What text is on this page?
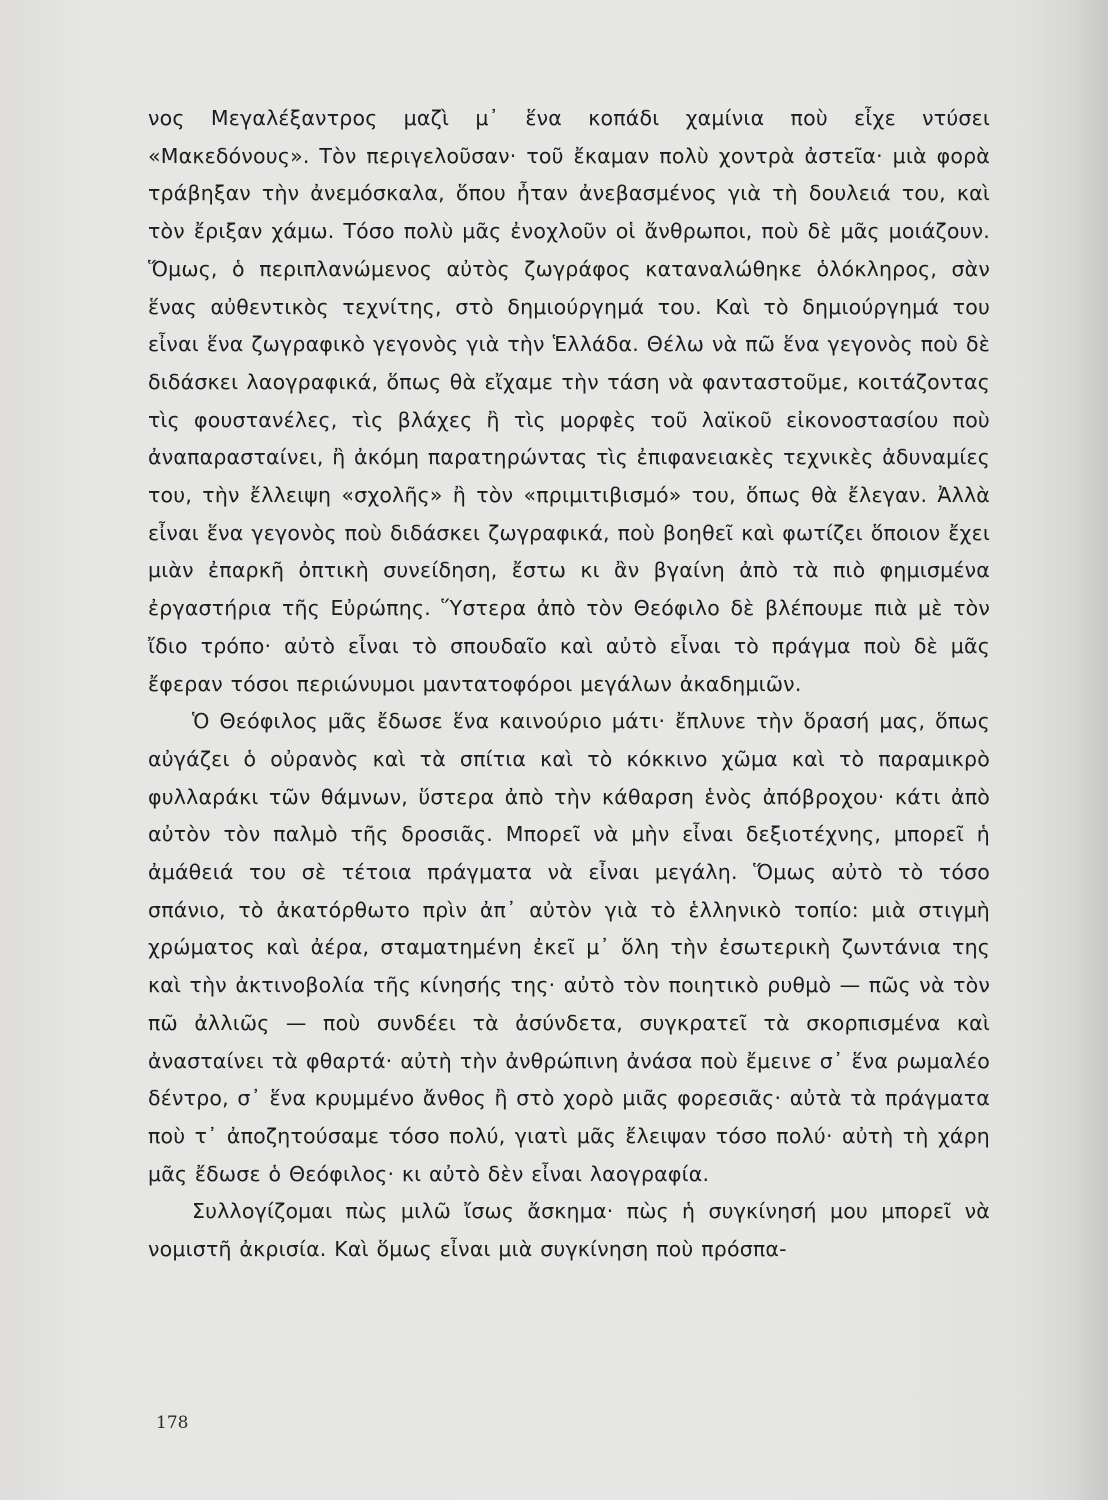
νος Μεγαλέξαντρος μαζὶ μ᾽ ἕνα κοπάδι χαμίνια ποὺ εἶχε ντύσει «Μακεδόνους». Τὸν περιγελοῦσαν· τοῦ ἔκαμαν πολὺ χοντρὰ ἀστεῖα· μιὰ φορὰ τράβηξαν τὴν ἀνεμόσκαλα, ὅπου ἦταν ἀνεβασμένος γιὰ τὴ δουλειά του, καὶ τὸν ἔριξαν χάμω. Τόσο πολὺ μᾶς ἐνοχλοῦν οἱ ἄνθρωποι, ποὺ δὲ μᾶς μοιάζουν. Ὅμως, ὁ περιπλανώμενος αὐτὸς ζωγράφος καταναλώθηκε ὁλόκληρος, σὰν ἕνας αὐθεντικὸς τεχνίτης, στὸ δημιούργημά του. Καὶ τὸ δημιούργημά του εἶναι ἕνα ζωγραφικὸ γεγονὸς γιὰ τὴν Ἑλλάδα. Θέλω νὰ πῶ ἕνα γεγονὸς ποὺ δὲ διδάσκει λαογραφικά, ὅπως θὰ εἴχαμε τὴν τάση νὰ φανταστοῦμε, κοιτάζοντας τὶς φουστανέλες, τὶς βλάχες ἢ τὶς μορφὲς τοῦ λαϊκοῦ εἰκονοστασίου ποὺ ἀναπαρασταίνει, ἢ ἀκόμη παρατηρώντας τὶς ἐπιφανειακὲς τεχνικὲς ἀδυναμίες του, τὴν ἔλλειψη «σχολῆς» ἢ τὸν «πριμιτιβισμό» του, ὅπως θὰ ἔλεγαν. Ἀλλὰ εἶναι ἕνα γεγονὸς ποὺ διδάσκει ζωγραφικά, ποὺ βοηθεῖ καὶ φωτίζει ὅποιον ἔχει μιὰν ἐπαρκῆ ὀπτικὴ συνείδηση, ἔστω κι ἂν βγαίνη ἀπὸ τὰ πιὸ φημισμένα ἐργαστήρια τῆς Εὐρώπης. Ὕστερα ἀπὸ τὸν Θεόφιλο δὲ βλέπουμε πιὰ μὲ τὸν ἴδιο τρόπο· αὐτὸ εἶναι τὸ σπουδαῖο καὶ αὐτὸ εἶναι τὸ πράγμα ποὺ δὲ μᾶς ἔφεραν τόσοι περιώνυμοι μαντατοφόροι μεγάλων ἀκαδημιῶν.

Ὁ Θεόφιλος μᾶς ἔδωσε ἕνα καινούριο μάτι· ἔπλυνε τὴν ὅρασή μας, ὅπως αὐγάζει ὁ οὐρανὸς καὶ τὰ σπίτια καὶ τὸ κόκκινο χῶμα καὶ τὸ παραμικρὸ φυλλαράκι τῶν θάμνων, ὕστερα ἀπὸ τὴν κάθαρση ἑνὸς ἀπόβροχου· κάτι ἀπὸ αὐτὸν τὸν παλμὸ τῆς δροσιᾶς. Μπορεῖ νὰ μὴν εἶναι δεξιοτέχνης, μπορεῖ ἡ ἀμάθειά του σὲ τέτοια πράγματα νὰ εἶναι μεγάλη. Ὅμως αὐτὸ τὸ τόσο σπάνιο, τὸ ἀκατόρθωτο πρὶν ἀπ᾽ αὐτὸν γιὰ τὸ ἑλληνικὸ τοπίο: μιὰ στιγμὴ χρώματος καὶ ἀέρα, σταματημένη ἐκεῖ μ᾽ ὅλη τὴν ἐσωτερικὴ ζωντάνια της καὶ τὴν ἀκτινοβολία τῆς κίνησής της· αὐτὸ τὸν ποιητικὸ ρυθμὸ — πῶς νὰ τὸν πῶ ἀλλιῶς — ποὺ συνδέει τὰ ἀσύνδετα, συγκρατεῖ τὰ σκορπισμένα καὶ ἀνασταίνει τὰ φθαρτά· αὐτὴ τὴν ἀνθρώπινη ἀνάσα ποὺ ἔμεινε σ᾽ ἕνα ρωμαλέο δέντρο, σ᾽ ἕνα κρυμμένο ἄνθος ἢ στὸ χορὸ μιᾶς φορεσιᾶς· αὐτὰ τὰ πράγματα ποὺ τ᾽ ἀποζητούσαμε τόσο πολύ, γιατὶ μᾶς ἔλειψαν τόσο πολύ· αὐτὴ τὴ χάρη μᾶς ἔδωσε ὁ Θεόφιλος· κι αὐτὸ δὲν εἶναι λαογραφία.

Συλλογίζομαι πὼς μιλῶ ἴσως ἄσκημα· πὼς ἡ συγκίνησή μου μπορεῖ νὰ νομιστῆ ἀκρισία. Καὶ ὅμως εἶναι μιὰ συγκίνηση ποὺ πρόσπα-

178
